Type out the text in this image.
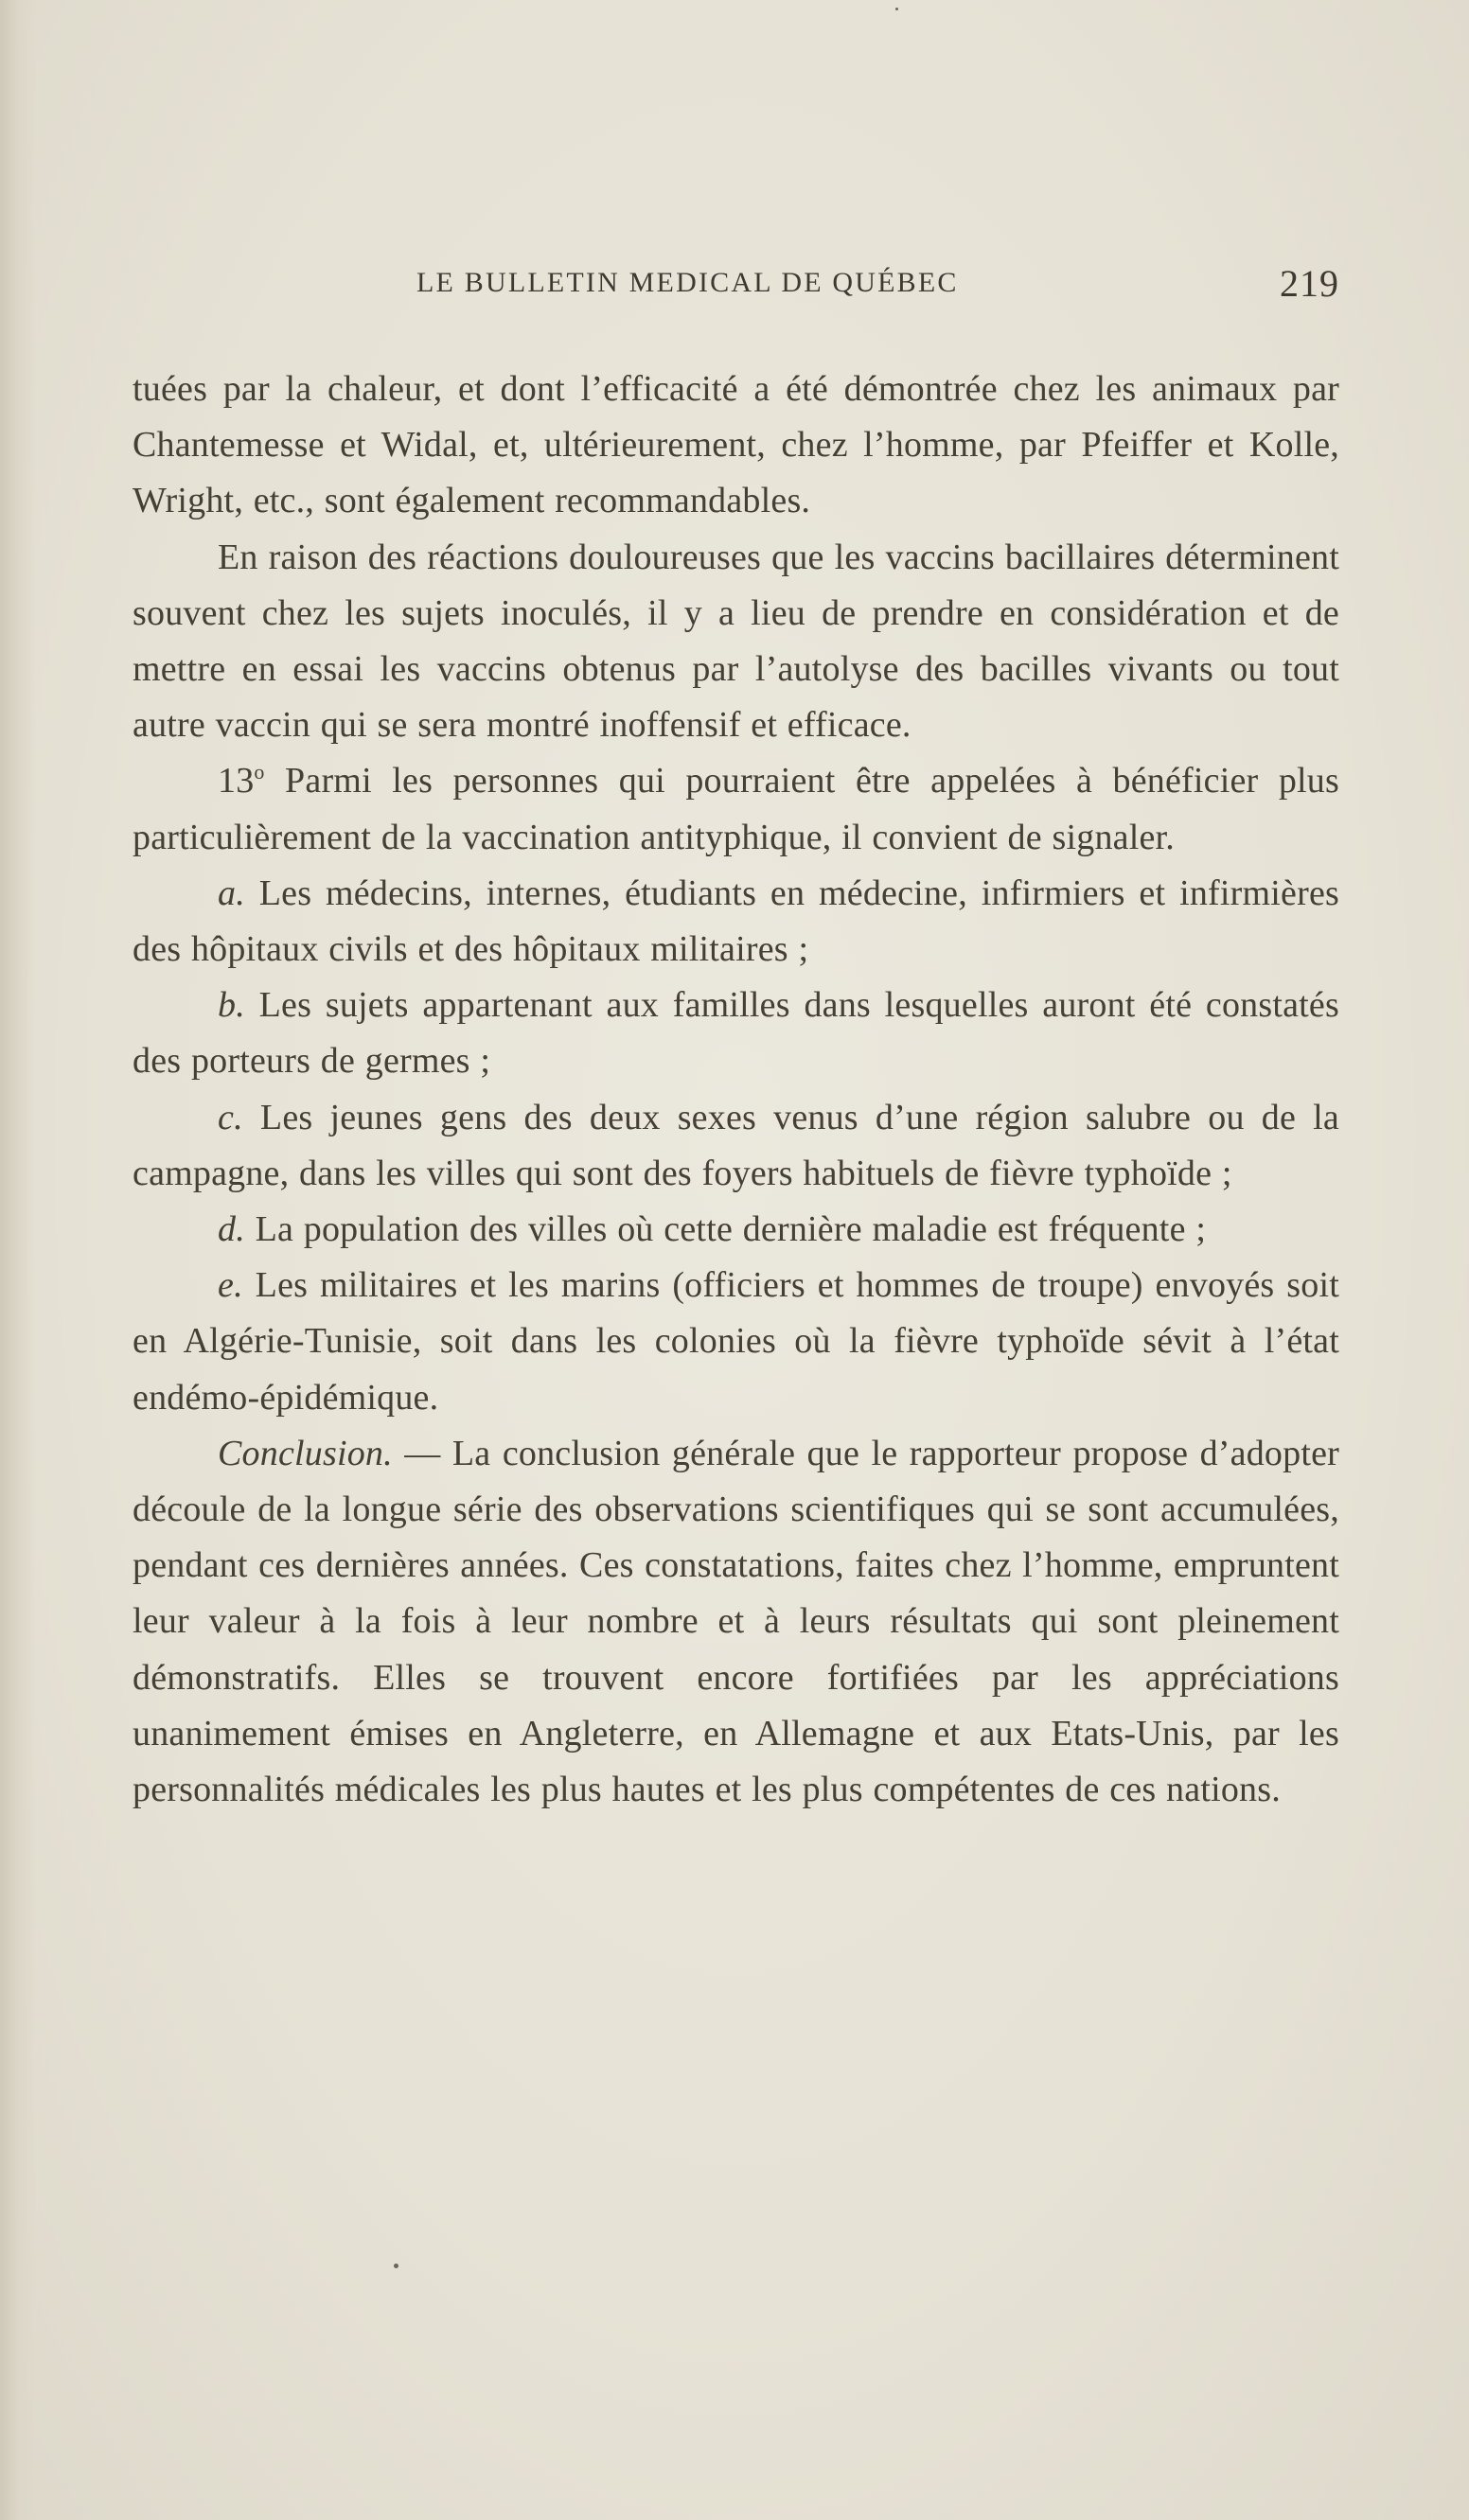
LE BULLETIN MEDICAL DE QUÉBEC	219

tuées par la chaleur, et dont l’efficacité a été démontrée chez les animaux par Chantemesse et Widal, et, ultérieurement, chez l’homme, par Pfeiffer et Kolle, Wright, etc., sont également recommandables.

En raison des réactions douloureuses que les vaccins bacillaires déterminent souvent chez les sujets inoculés, il y a lieu de prendre en considération et de mettre en essai les vaccins obtenus par l’autolyse des bacilles vivants ou tout autre vaccin qui se sera montré inoffensif et efficace.

13$^o$ Parmi les personnes qui pourraient être appelées à bénéficier plus particulièrement de la vaccination antityphique, il convient de signaler.

a. Les médecins, internes, étudiants en médecine, infirmiers et infirmières des hôpitaux civils et des hôpitaux militaires ;

b. Les sujets appartenant aux familles dans lesquelles auront été constatés des porteurs de germes ;

c. Les jeunes gens des deux sexes venus d’une région salubre ou de la campagne, dans les villes qui sont des foyers habituels de fièvre typhoïde ;

d. La population des villes où cette dernière maladie est fréquente ;

e. Les militaires et les marins (officiers et hommes de troupe) envoyés soit en Algérie-Tunisie, soit dans les colonies où la fièvre typhoïde sévit à l’état endémo-épidémique.

Conclusion. — La conclusion générale que le rapporteur propose d’adopter découle de la longue série des observations scientifiques qui se sont accumulées, pendant ces dernières années. Ces constatations, faites chez l’homme, empruntent leur valeur à la fois à leur nombre et à leurs résultats qui sont pleinement démonstratifs. Elles se trouvent encore fortifiées par les appréciations unanimement émises en Angleterre, en Allemagne et aux Etats-Unis, par les personnalités médicales les plus hautes et les plus compétentes de ces nations.
